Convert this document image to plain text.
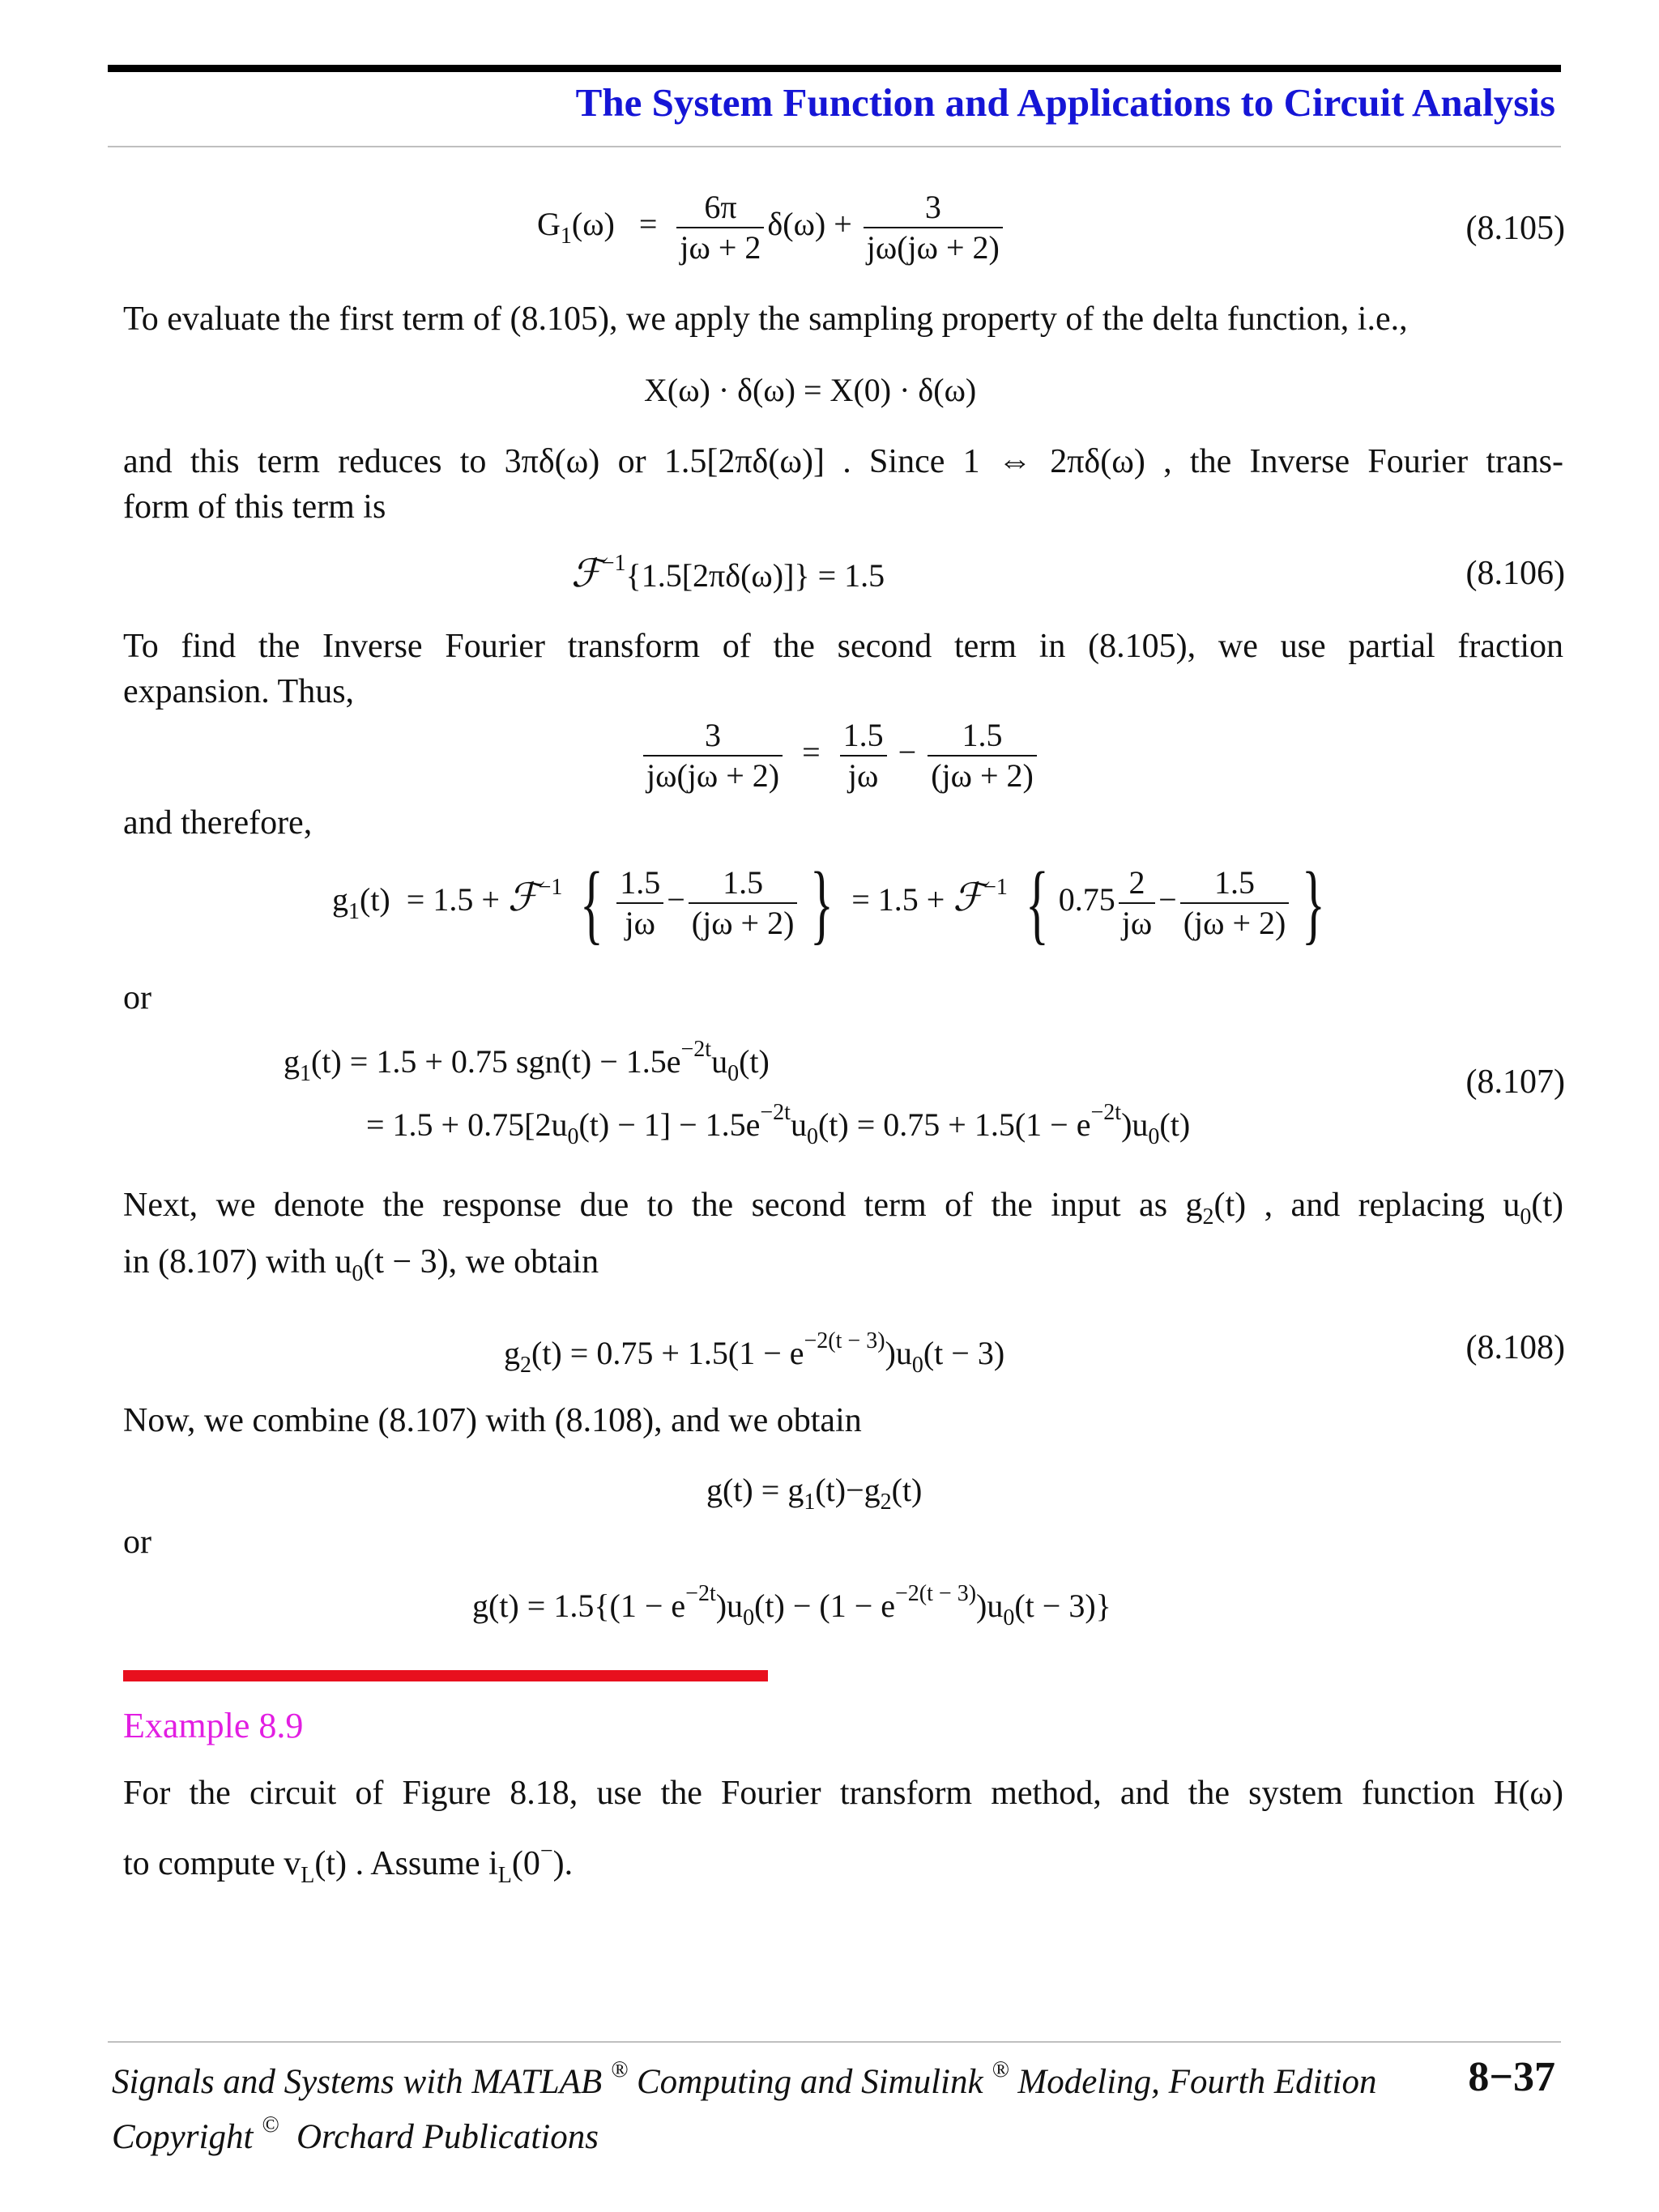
The System Function and Applications to Circuit Analysis
$G_1(\omega) = \frac{6\pi}{j\omega + 2} \delta(\omega) + \frac{3}{j\omega(j\omega + 2)}$	(8.105)
To evaluate the first term of (8.105), we apply the sampling property of the delta function, i.e.,
X(ω) · δ(ω) = X(0) · δ(ω)
and this term reduces to 3πδ(ω) or 1.5[2πδ(ω)] . Since 1 ⇔ 2πδ(ω) , the Inverse Fourier trans-
form of this term is
ℱ$^{-1}${1.5[2πδ(ω)]} = 1.5	(8.106)
To find the Inverse Fourier transform of the second term in (8.105), we use partial fraction
expansion. Thus,
$\frac{3}{j\omega(j\omega + 2)} = \frac{1.5}{j\omega} - \frac{1.5}{(j\omega + 2)}$
and therefore,
$g_1(t) = 1.5$ + ℱ$^{-1}$ { $\frac{1.5}{j\omega} - \frac{1.5}{(j\omega + 2)}$ } = 1.5 + ℱ$^{-1}$ { $0.75 \frac{2}{j\omega} - \frac{1.5}{(j\omega + 2)}$ }
or
$g_1(t) = 1.5 + 0.75$ $sgn(t) - 1.5e^{-2t}u_0(t)$
= $1.5 + 0.75[2u_0(t) - 1] - 1.5e^{-2t}u_0(t) = 0.75 + 1.5(1 - e^{-2t})u_0(t)$
(8.107)
Next, we denote the response due to the second term of the input as $g_2(t)$ , and replacing $u_0(t)$
in (8.107) with $u_0(t - 3)$, we obtain
$g_2(t) = 0.75 + 1.5(1 - e^{-2(t - 3)})u_0(t - 3)$	(8.108)
Now, we combine (8.107) with (8.108), and we obtain
$g(t) = g_1(t)-g_2(t)$
or
$g(t) = 1.5\{(1 - e^{-2t})u_0(t) - (1 - e^{-2(t - 3)})u_0(t - 3)\}$
Example 8.9
For the circuit of Figure 8.18, use the Fourier transform method, and the system function H(ω)
to compute $v_L(t)$ . Assume $i_L(0^-)$.
Signals and Systems with MATLAB ® Computing and Simulink ® Modeling, Fourth Edition
Copyright © Orchard Publications
8−37
